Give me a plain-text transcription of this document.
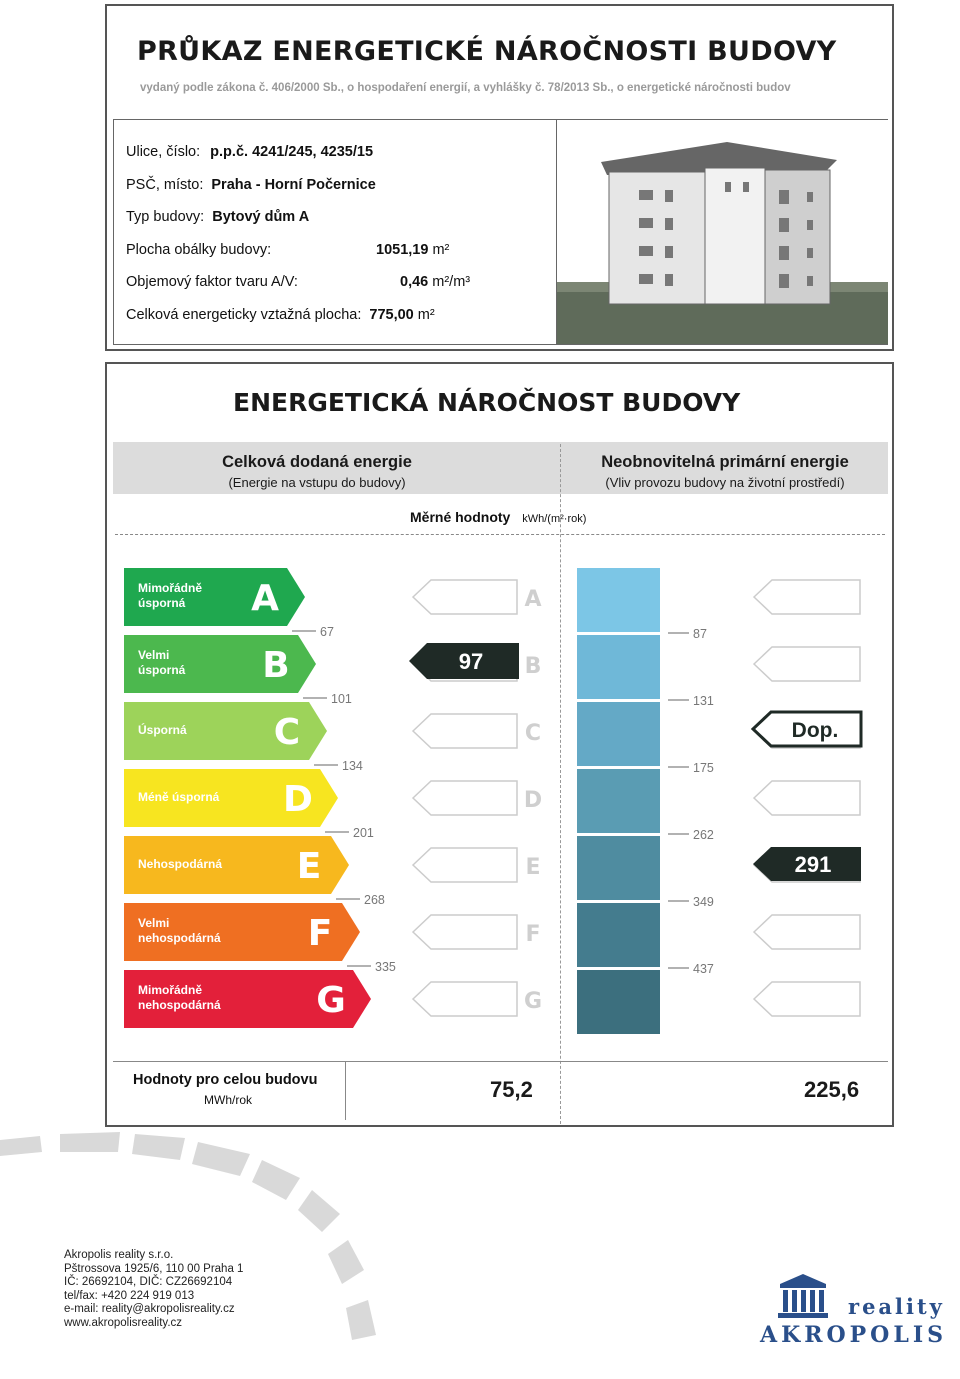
PRŮKAZ ENERGETICKÉ NÁROČNOSTI BUDOVY
vydaný podle zákona č. 406/2000 Sb., o hospodaření energií, a vyhlášky č. 78/2013 Sb., o energetické náročnosti budov
Ulice, číslo: p.p.č. 4241/245, 4235/15
PSČ, místo: Praha - Horní Počernice
Typ budovy: Bytový dům A
Plocha obálky budovy:	1051,19 m²
Objemový faktor tvaru A/V:	0,46 m²/m³
Celková energeticky vztažná plocha: 775,00 m²
ENERGETICKÁ NÁROČNOST BUDOVY
Celková dodaná energie
(Energie na vstupu do budovy)
Neobnovitelná primární energie
(Vliv provozu budovy na životní prostředí)
Měrné hodnoty kWh/(m²·rok)
A
Mimořádně
úsporná	A
B
Velmi
úsporná	B
C
Úsporná	C
D
Méně úsporná	D
E
Nehospodárná	E
F
Velmi
nehospodárná	F
G
Mimořádně
nehospodárná	G
67
101
134
201
268
335
87
131
175
262
349
437
97
Dop.
291
Hodnoty pro celou budovu
MWh/rok	75,2	225,6
Akropolis reality s.r.o.
Pštrossova 1925/6, 110 00 Praha 1
IČ: 26692104, DIČ: CZ26692104
tel/fax: +420 224 919 013
e-mail: reality@akropolisreality.cz
www.akropolisreality.cz
reality
AKROPOLIS
